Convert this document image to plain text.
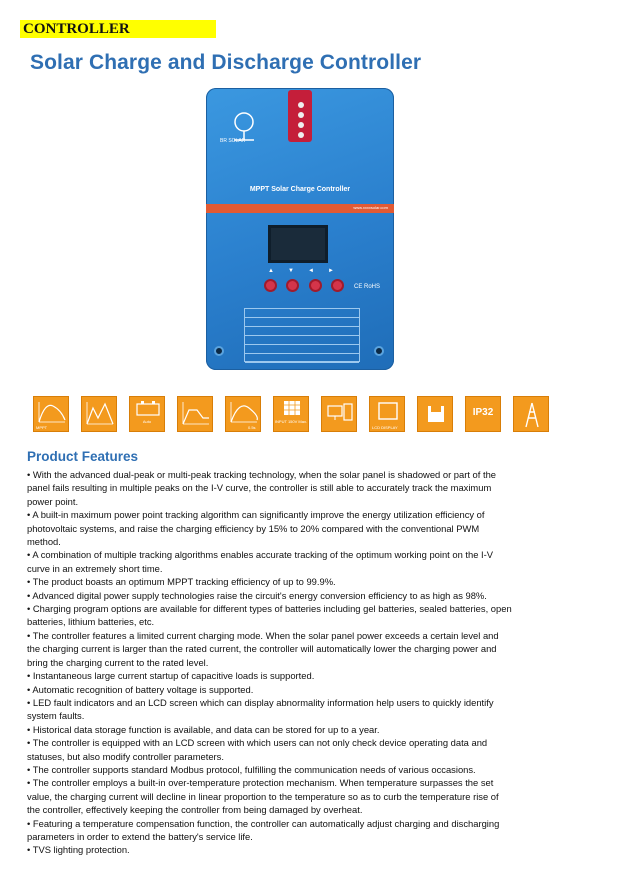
CONTROLLER
Solar Charge and Discharge Controller
BR SOLAR
MPPT Solar Charge Controller
www.xxxxsolar.com
▲ ▼ ◄ ►
CE RoHS
MPPT
Auto
0.5s
INPUT 150V Max.
LCD DISPLAY
IP32
Product Features
• With the advanced dual-peak or multi-peak tracking technology, when the solar panel is shadowed or part of the panel fails resulting in multiple peaks on the I-V curve, the controller is still able to accurately track the maximum power point.
• A built-in maximum power point tracking algorithm can significantly improve the energy utilization efficiency of photovoltaic systems, and raise the charging efficiency by 15% to 20% compared with the conventional PWM method.
• A combination of multiple tracking algorithms enables accurate tracking of the optimum working point on the I-V curve in an extremely short time.
• The product boasts an optimum MPPT tracking efficiency of up to 99.9%.
• Advanced digital power supply technologies raise the circuit's energy conversion efficiency to as high as 98%.
• Charging program options are available for different types of batteries including gel batteries, sealed batteries, open batteries, lithium batteries, etc.
• The controller features a limited current charging mode. When the solar panel power exceeds a certain level and the charging current is larger than the rated current, the controller will automatically lower the charging power and bring the charging current to the rated level.
• Instantaneous large current startup of capacitive loads is supported.
• Automatic recognition of battery voltage is supported.
• LED fault indicators and an LCD screen which can display abnormality information help users to quickly identify system faults.
• Historical data storage function is available, and data can be stored for up to a year.
• The controller is equipped with an LCD screen with which users can not only check device operating data and statuses, but also modify controller parameters.
• The controller supports standard Modbus protocol, fulfilling the communication needs of various occasions.
• The controller employs a built-in over-temperature protection mechanism. When temperature surpasses the set value, the charging current will decline in linear proportion to the temperature so as to curb the temperature rise of the controller, effectively keeping the controller from being damaged by overheat.
• Featuring a temperature compensation function, the controller can automatically adjust charging and discharging parameters in order to extend the battery's service life.
• TVS lighting protection.
